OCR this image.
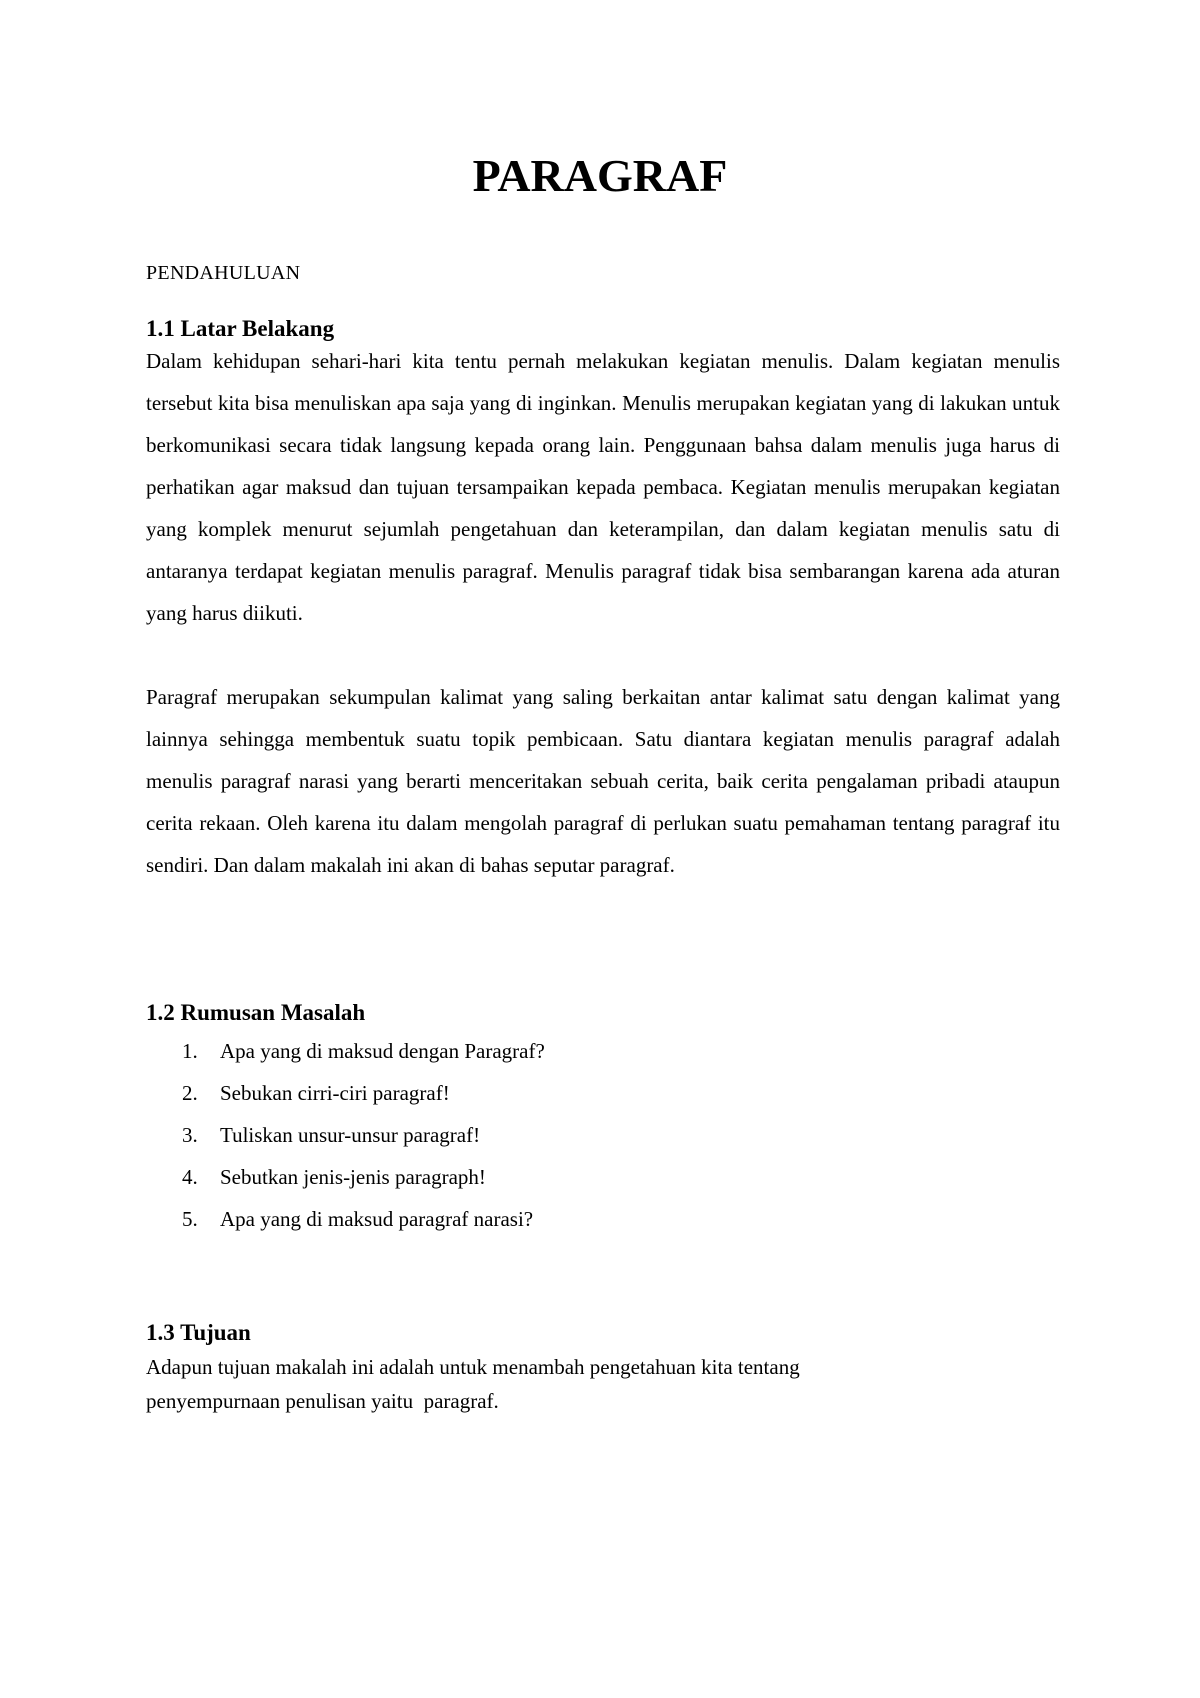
PARAGRAF

PENDAHULUAN

1.1 Latar Belakang

Dalam kehidupan sehari-hari kita tentu pernah melakukan kegiatan menulis. Dalam kegiatan menulis tersebut kita bisa menuliskan apa saja yang di inginkan. Menulis merupakan kegiatan yang di lakukan untuk berkomunikasi secara tidak langsung kepada orang lain. Penggunaan bahsa dalam menulis juga harus di perhatikan agar maksud dan tujuan tersampaikan kepada pembaca. Kegiatan menulis merupakan kegiatan yang komplek menurut sejumlah pengetahuan dan keterampilan, dan dalam kegiatan menulis satu di antaranya terdapat kegiatan menulis paragraf. Menulis paragraf tidak bisa sembarangan karena ada aturan yang harus diikuti.

Paragraf merupakan sekumpulan kalimat yang saling berkaitan antar kalimat satu dengan kalimat yang lainnya sehingga membentuk suatu topik pembicaan. Satu diantara kegiatan menulis paragraf adalah menulis paragraf narasi yang berarti menceritakan sebuah cerita, baik cerita pengalaman pribadi ataupun cerita rekaan. Oleh karena itu dalam mengolah paragraf di perlukan suatu pemahaman tentang paragraf itu sendiri. Dan dalam makalah ini akan di bahas seputar paragraf.

1.2 Rumusan Masalah
1. Apa yang di maksud dengan Paragraf?
2. Sebukan cirri-ciri paragraf!
3. Tuliskan unsur-unsur paragraf!
4. Sebutkan jenis-jenis paragraph!
5. Apa yang di maksud paragraf narasi?
1.3 Tujuan
Adapun tujuan makalah ini adalah untuk menambah pengetahuan kita tentang
penyempurnaan penulisan yaitu  paragraf.
